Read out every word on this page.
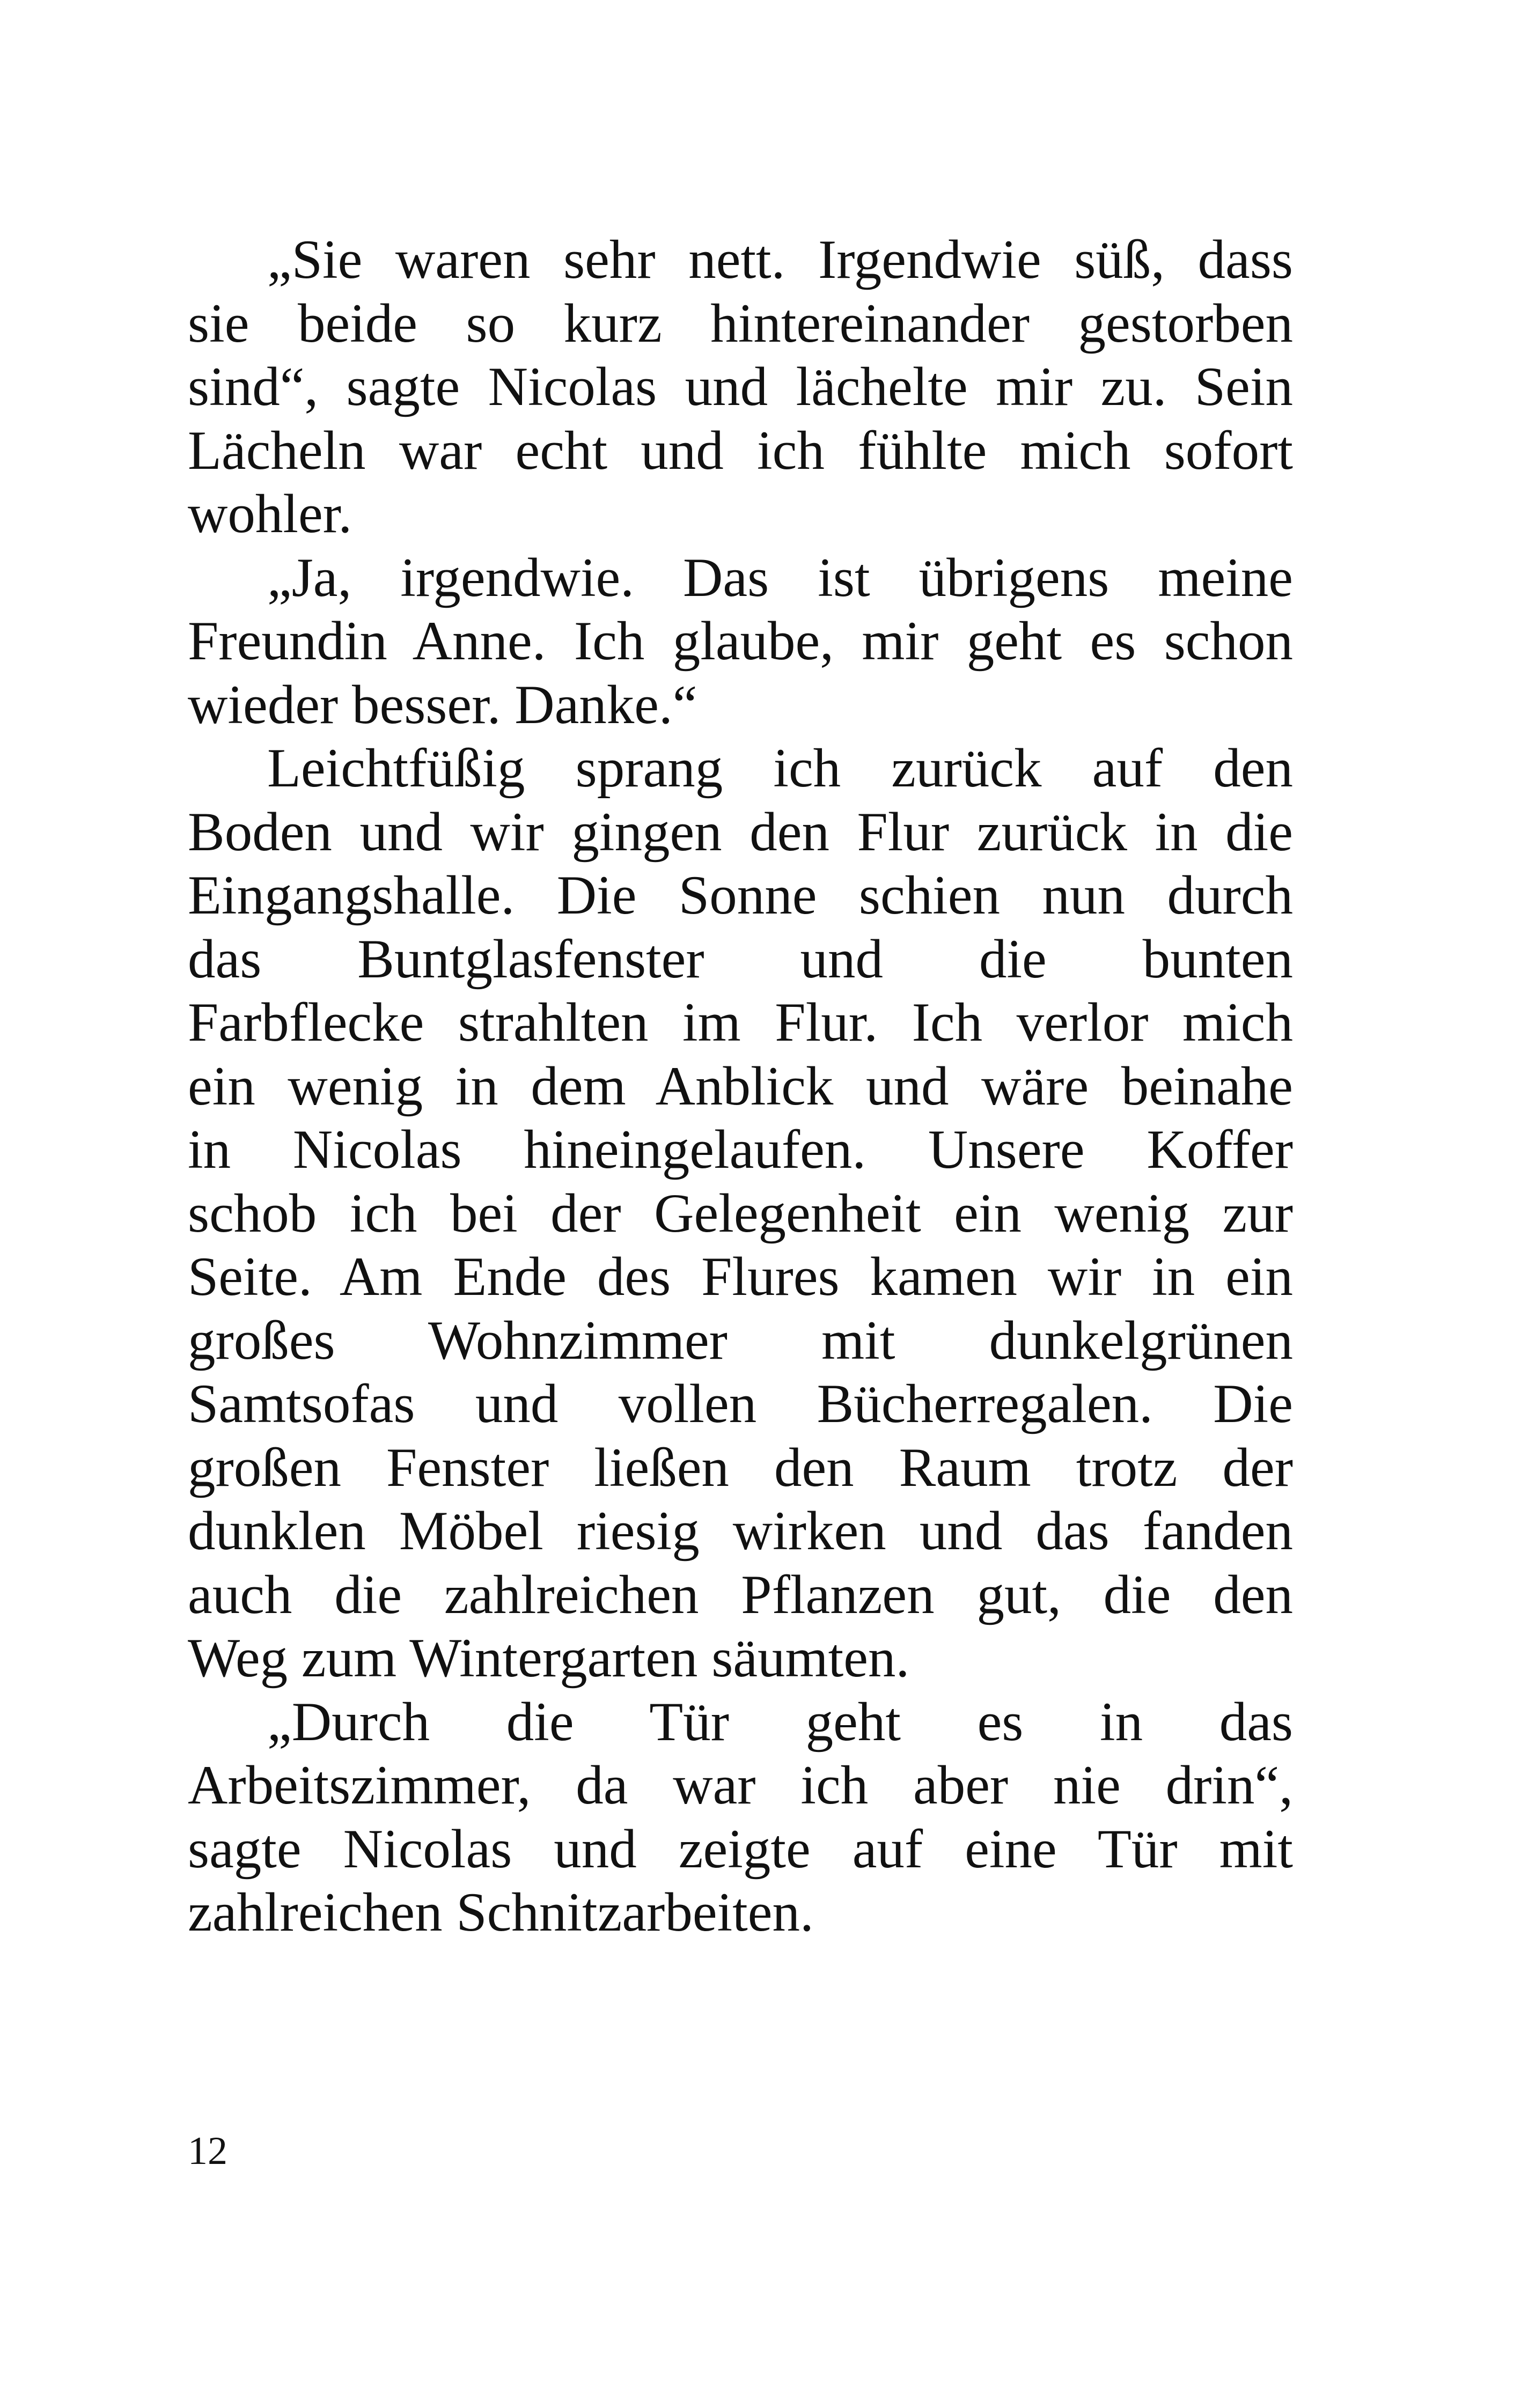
„Sie waren sehr nett. Irgendwie süß, dass
sie beide so kurz hintereinander gestorben
sind“, sagte Nicolas und lächelte mir zu. Sein
Lächeln war echt und ich fühlte mich sofort
wohler.

„Ja, irgendwie. Das ist übrigens meine
Freundin Anne. Ich glaube, mir geht es schon
wieder besser. Danke.“

Leichtfüßig sprang ich zurück auf den
Boden und wir gingen den Flur zurück in die
Eingangshalle. Die Sonne schien nun durch
das Buntglasfenster und die bunten
Farbflecke strahlten im Flur. Ich verlor mich
ein wenig in dem Anblick und wäre beinahe
in Nicolas hineingelaufen. Unsere Koffer
schob ich bei der Gelegenheit ein wenig zur
Seite. Am Ende des Flures kamen wir in ein
großes Wohnzimmer mit dunkelgrünen
Samtsofas und vollen Bücherregalen. Die
großen Fenster ließen den Raum trotz der
dunklen Möbel riesig wirken und das fanden
auch die zahlreichen Pflanzen gut, die den
Weg zum Wintergarten säumten.

„Durch die Tür geht es in das
Arbeitszimmer, da war ich aber nie drin“,
sagte Nicolas und zeigte auf eine Tür mit
zahlreichen Schnitzarbeiten.

12
